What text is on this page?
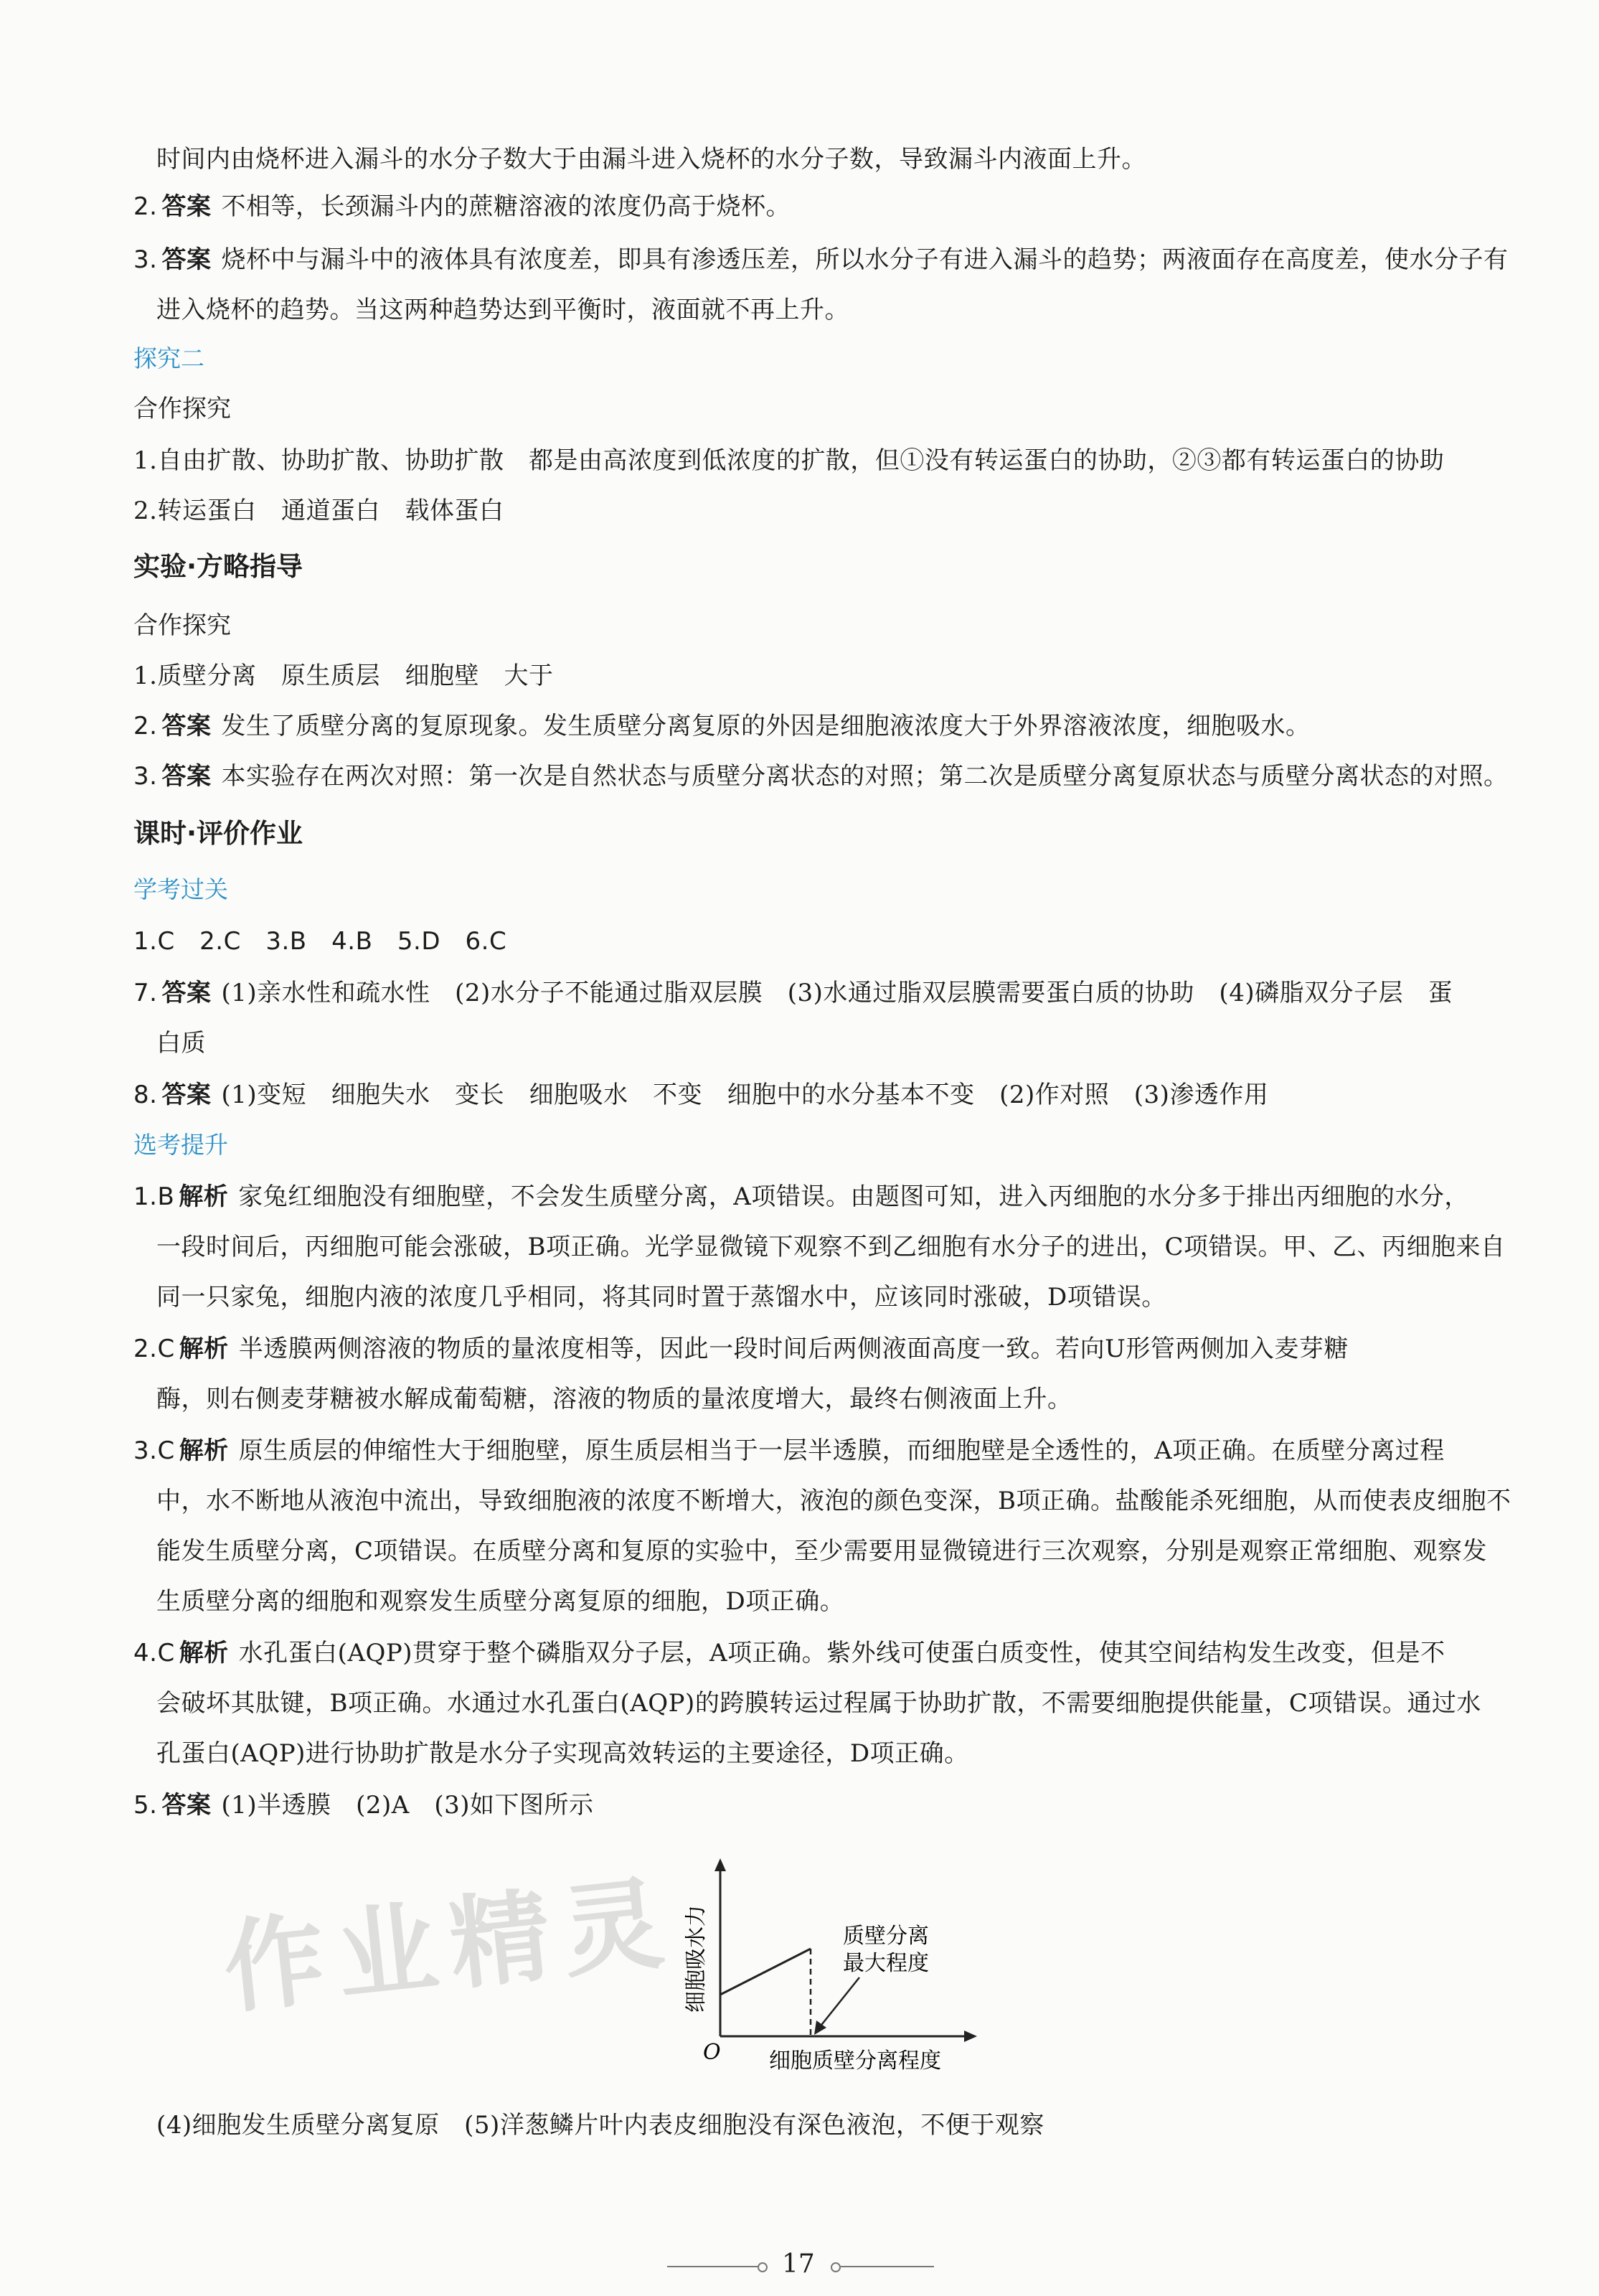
时间内由烧杯进入漏斗的水分子数大于由漏斗进入烧杯的水分子数，导致漏斗内液面上升。
2. 答案 不相等，长颈漏斗内的蔗糖溶液的浓度仍高于烧杯。
3. 答案 烧杯中与漏斗中的液体具有浓度差，即具有渗透压差，所以水分子有进入漏斗的趋势；两液面存在高度差，使水分子有
进入烧杯的趋势。当这两种趋势达到平衡时，液面就不再上升。
探究二
合作探究
1.自由扩散、协助扩散、协助扩散　都是由高浓度到低浓度的扩散，但①没有转运蛋白的协助，②③都有转运蛋白的协助
2.转运蛋白　通道蛋白　载体蛋白
实验·方略指导
合作探究
1.质壁分离　原生质层　细胞壁　大于
2. 答案 发生了质壁分离的复原现象。发生质壁分离复原的外因是细胞液浓度大于外界溶液浓度，细胞吸水。
3. 答案 本实验存在两次对照：第一次是自然状态与质壁分离状态的对照；第二次是质壁分离复原状态与质壁分离状态的对照。
课时·评价作业
学考过关
1.C　2.C　3.B　4.B　5.D　6.C
7. 答案 (1)亲水性和疏水性　(2)水分子不能通过脂双层膜　(3)水通过脂双层膜需要蛋白质的协助　(4)磷脂双分子层　蛋
白质
8. 答案 (1)变短　细胞失水　变长　细胞吸水　不变　细胞中的水分基本不变　(2)作对照　(3)渗透作用
选考提升
1.B 解析 家兔红细胞没有细胞壁，不会发生质壁分离，A项错误。由题图可知，进入丙细胞的水分多于排出丙细胞的水分，
一段时间后，丙细胞可能会涨破，B项正确。光学显微镜下观察不到乙细胞有水分子的进出，C项错误。甲、乙、丙细胞来自
同一只家兔，细胞内液的浓度几乎相同，将其同时置于蒸馏水中，应该同时涨破，D项错误。
2.C 解析 半透膜两侧溶液的物质的量浓度相等，因此一段时间后两侧液面高度一致。若向U形管两侧加入麦芽糖
酶，则右侧麦芽糖被水解成葡萄糖，溶液的物质的量浓度增大，最终右侧液面上升。
3.C 解析 原生质层的伸缩性大于细胞壁，原生质层相当于一层半透膜，而细胞壁是全透性的，A项正确。在质壁分离过程
中，水不断地从液泡中流出，导致细胞液的浓度不断增大，液泡的颜色变深，B项正确。盐酸能杀死细胞，从而使表皮细胞不
能发生质壁分离，C项错误。在质壁分离和复原的实验中，至少需要用显微镜进行三次观察，分别是观察正常细胞、观察发
生质壁分离的细胞和观察发生质壁分离复原的细胞，D项正确。
4.C 解析 水孔蛋白(AQP)贯穿于整个磷脂双分子层，A项正确。紫外线可使蛋白质变性，使其空间结构发生改变，但是不
会破坏其肽键，B项正确。水通过水孔蛋白(AQP)的跨膜转运过程属于协助扩散，不需要细胞提供能量，C项错误。通过水
孔蛋白(AQP)进行协助扩散是水分子实现高效转运的主要途径，D项正确。
5. 答案 (1)半透膜　(2)A　(3)如下图所示
细胞吸水力
O 细胞质壁分离程度
质壁分离
最大程度
(4)细胞发生质壁分离复原　(5)洋葱鳞片叶内表皮细胞没有深色液泡，不便于观察
作业精灵
17
